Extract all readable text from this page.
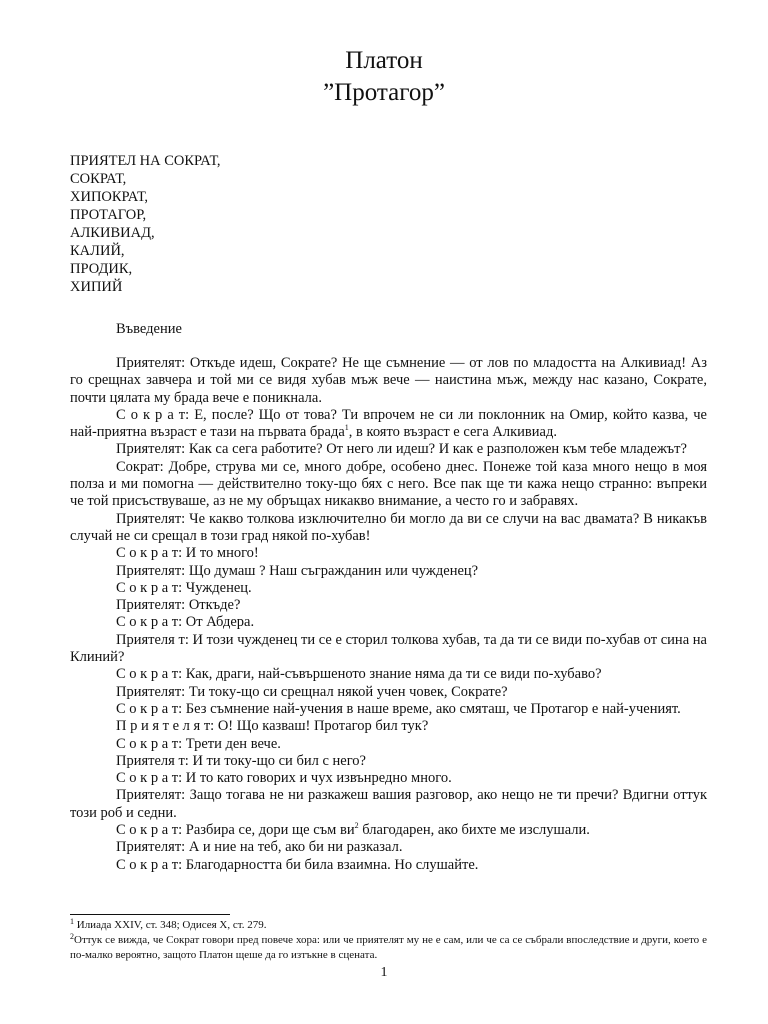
Платон
”Протагор”
ПРИЯТЕЛ НА СОКРАТ,
СОКРАТ,
ХИПОКРАТ,
ПРОТАГОР,
АЛКИВИАД,
КАЛИЙ,
ПРОДИК,
ХИПИЙ
Въведение

Приятелят: Откъде идеш, Сократе? Не ще съмнение — от лов по младостта на Алкивиад! Аз го срещнах завчера и той ми се видя хубав мъж вече — наистина мъж, между нас казано, Сократе, почти цялата му брада вече е поникнала.

С о к р а т: Е, после? Що от това? Ти впрочем не си ли поклонник на Омир, който казва, че най-приятна възраст е тази на първата брада$^1$, в която възраст е сега Алкивиад.

Приятелят: Как са сега работите? От него ли идеш? И как е разположен към тебе младежът?

Сократ: Добре, струва ми се, много добре, особено днес. Понеже той каза много нещо в моя полза и ми помогна — действително току-що бях с него. Все пак ще ти кажа нещо странно: въпреки че той присъствуваше, аз не му обръщах никакво внимание, а често го и забравях.

Приятелят: Че какво толкова изключително би могло да ви се случи на вас двамата? В никакъв случай не си срещал в този град някой по-хубав!

С о к р а т: И то много!

Приятелят: Що думаш ? Наш съгражданин или чужденец?

С о к р а т: Чужденец.

Приятелят: Откъде?

С о к р а т: От Абдера.

Приятеля т: И този чужденец ти се е сторил толкова хубав, та да ти се види по-хубав от сина на Клиний?

С о к р а т: Как, драги, най-съвършеното знание няма да ти се види по-хубаво?

Приятелят: Ти току-що си срещнал някой учен човек, Сократе?

С о к р а т: Без съмнение най-учения в наше време, ако смяташ, че Протагор е най-ученият.

П р и я т е л я т: О! Що казваш! Протагор бил тук?

С о к р а т: Трети ден вече.

Приятеля т: И ти току-що си бил с него?

С о к р а т: И то като говорих и чух извънредно много.

Приятелят: Защо тогава не ни разкажеш вашия разговор, ако нещо не ти пречи? Вдигни оттук този роб и седни.

С о к р а т: Разбира се, дори ще съм $ви^2$ благодарен, ако бихте ме изслушали.

Приятелят: А и ние на теб, ако би ни разказал.

С о к р а т: Благодарността би била взаимна. Но слушайте.

$^1$ Илиада XXIV, ст. 348; Одисея X, ст. 279.
$^2$Оттук се вижда, че Сократ говори пред повече хора: или че приятелят му не е сам, или че са се събрали впоследствие и други, което е по-малко вероятно, защото Платон щеше да го изтъкне в сцената.
1
